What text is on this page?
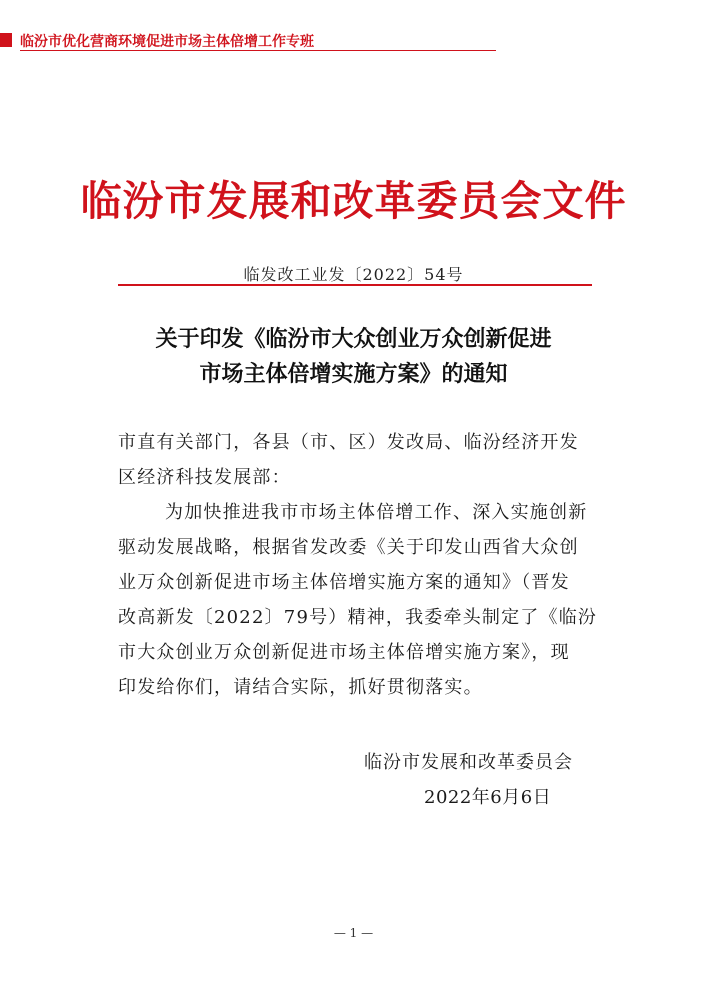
临汾市优化营商环境促进市场主体倍增工作专班
临汾市发展和改革委员会文件
临发改工业发〔2022〕54号
关于印发《临汾市大众创业万众创新促进
市场主体倍增实施方案》的通知
市直有关部门，各县（市、区）发改局、临汾经济开发
区经济科技发展部：
为加快推进我市市场主体倍增工作、深入实施创新
驱动发展战略，根据省发改委《关于印发山西省大众创
业万众创新促进市场主体倍增实施方案的通知》（晋发
改高新发〔2022〕79号）精神，我委牵头制定了《临汾
市大众创业万众创新促进市场主体倍增实施方案》，现
印发给你们，请结合实际，抓好贯彻落实。
临汾市发展和改革委员会
2022年6月6日
— 1 —
